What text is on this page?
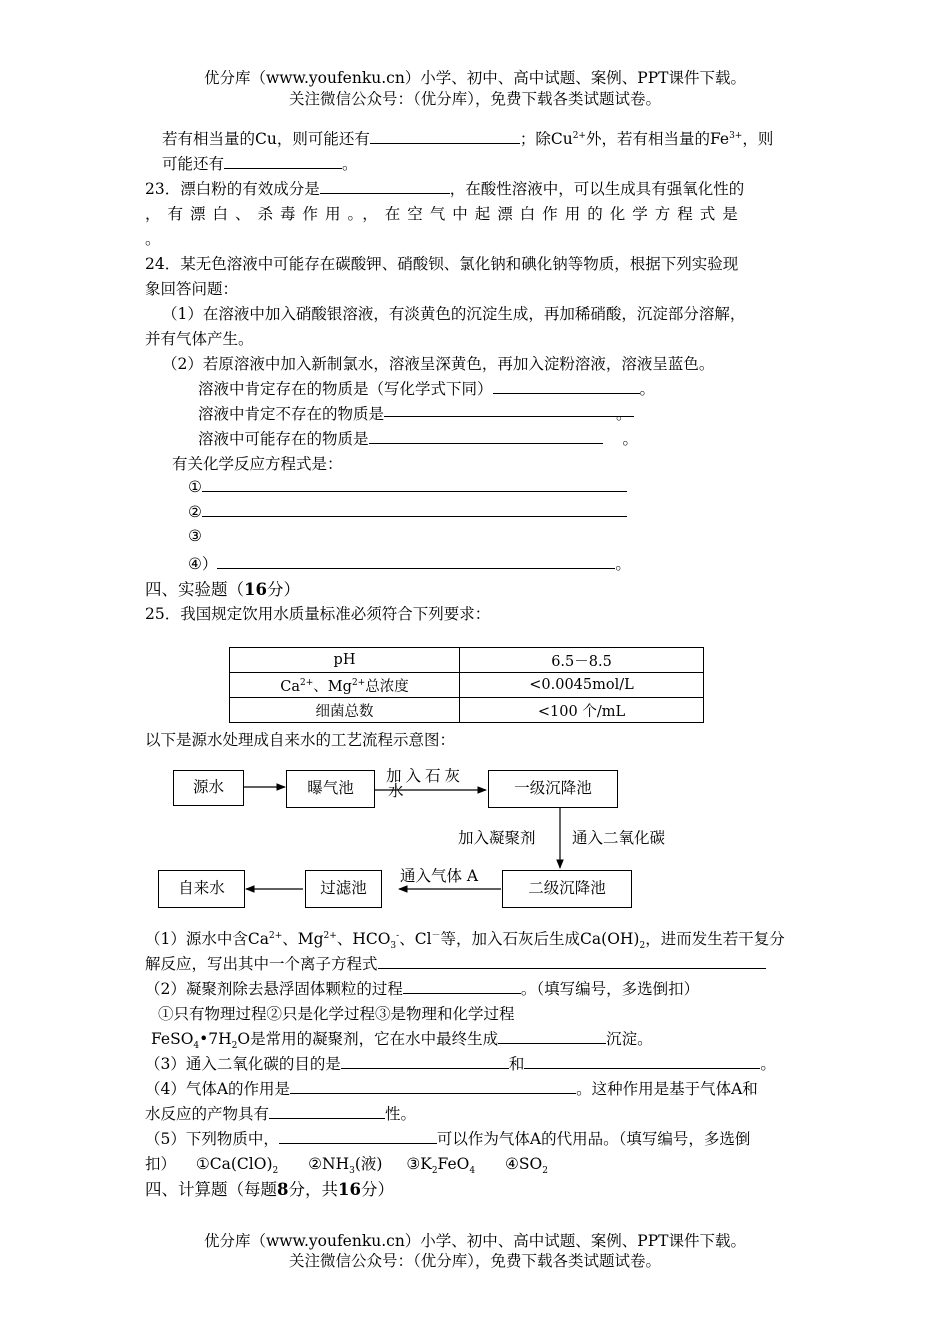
优分库（www.youfenku.cn）小学、初中、高中试题、案例、PPT课件下载。
关注微信公众号：（优分库），免费下载各类试题试卷。
若有相当量的Cu，则可能还有	；除$Cu^{2+}$外，若有相当量的$Fe^{3+}$，则
可能还有	。
23．漂白粉的有效成分是	，在酸性溶液中，可以生成具有强氧化性的
，有漂白、杀毒作用。，在空气中起漂白作用的化学方程式是
。
24．某无色溶液中可能存在碳酸钾、硝酸钡、氯化钠和碘化钠等物质，根据下列实验现
象回答问题：
（1）在溶液中加入硝酸银溶液，有淡黄色的沉淀生成，再加稀硝酸，沉淀部分溶解，
并有气体产生。
（2）若原溶液中加入新制氯水，溶液呈深黄色，再加入淀粉溶液，溶液呈蓝色。
溶液中肯定存在的物质是（写化学式下同）	。
溶液中肯定不存在的物质是	。
溶液中可能存在的物质是	。
有关化学反应方程式是：
①
②
③
④）	。
四、实验题（16分）
25．我国规定饮用水质量标准必须符合下列要求：
pH	6.5－8.5
$Ca^{2+}$、$Mg^{2+}$总浓度	<0.0045mol/L
细菌总数	<100 个/mL
以下是源水处理成自来水的工艺流程示意图：
源水	曝气池
加入石灰
水	一级沉降池
加入凝聚剂 通入二氧化碳
二级沉降池
通入气体 A
过滤池
自来水
（1）源水中含$Ca^{2+}$、$Mg^{2+}$、$HCO_3^-$、Cl－等，加入石灰后生成$Ca(OH)_2$，进而发生若干复分
解反应，写出其中一个离子方程式
（2）凝聚剂除去悬浮固体颗粒的过程	。（填写编号，多选倒扣）
①只有物理过程②只是化学过程③是物理和化学过程
$FeSO_4•7H_2O$是常用的凝聚剂，它在水中最终生成	沉淀。
（3）通入二氧化碳的目的是	和	。
（4）气体A的作用是	。这种作用是基于气体A和
水反应的产物具有	性。
（5）下列物质中，	可以作为气体A的代用品。（填写编号，多选倒
扣） $①Ca(ClO)_2$ $②NH_3$(液) $③K_2FeO_4$ $④SO_2$
四、计算题（每题8分，共16分）
优分库（www.youfenku.cn）小学、初中、高中试题、案例、PPT课件下载。
关注微信公众号：（优分库），免费下载各类试题试卷。
